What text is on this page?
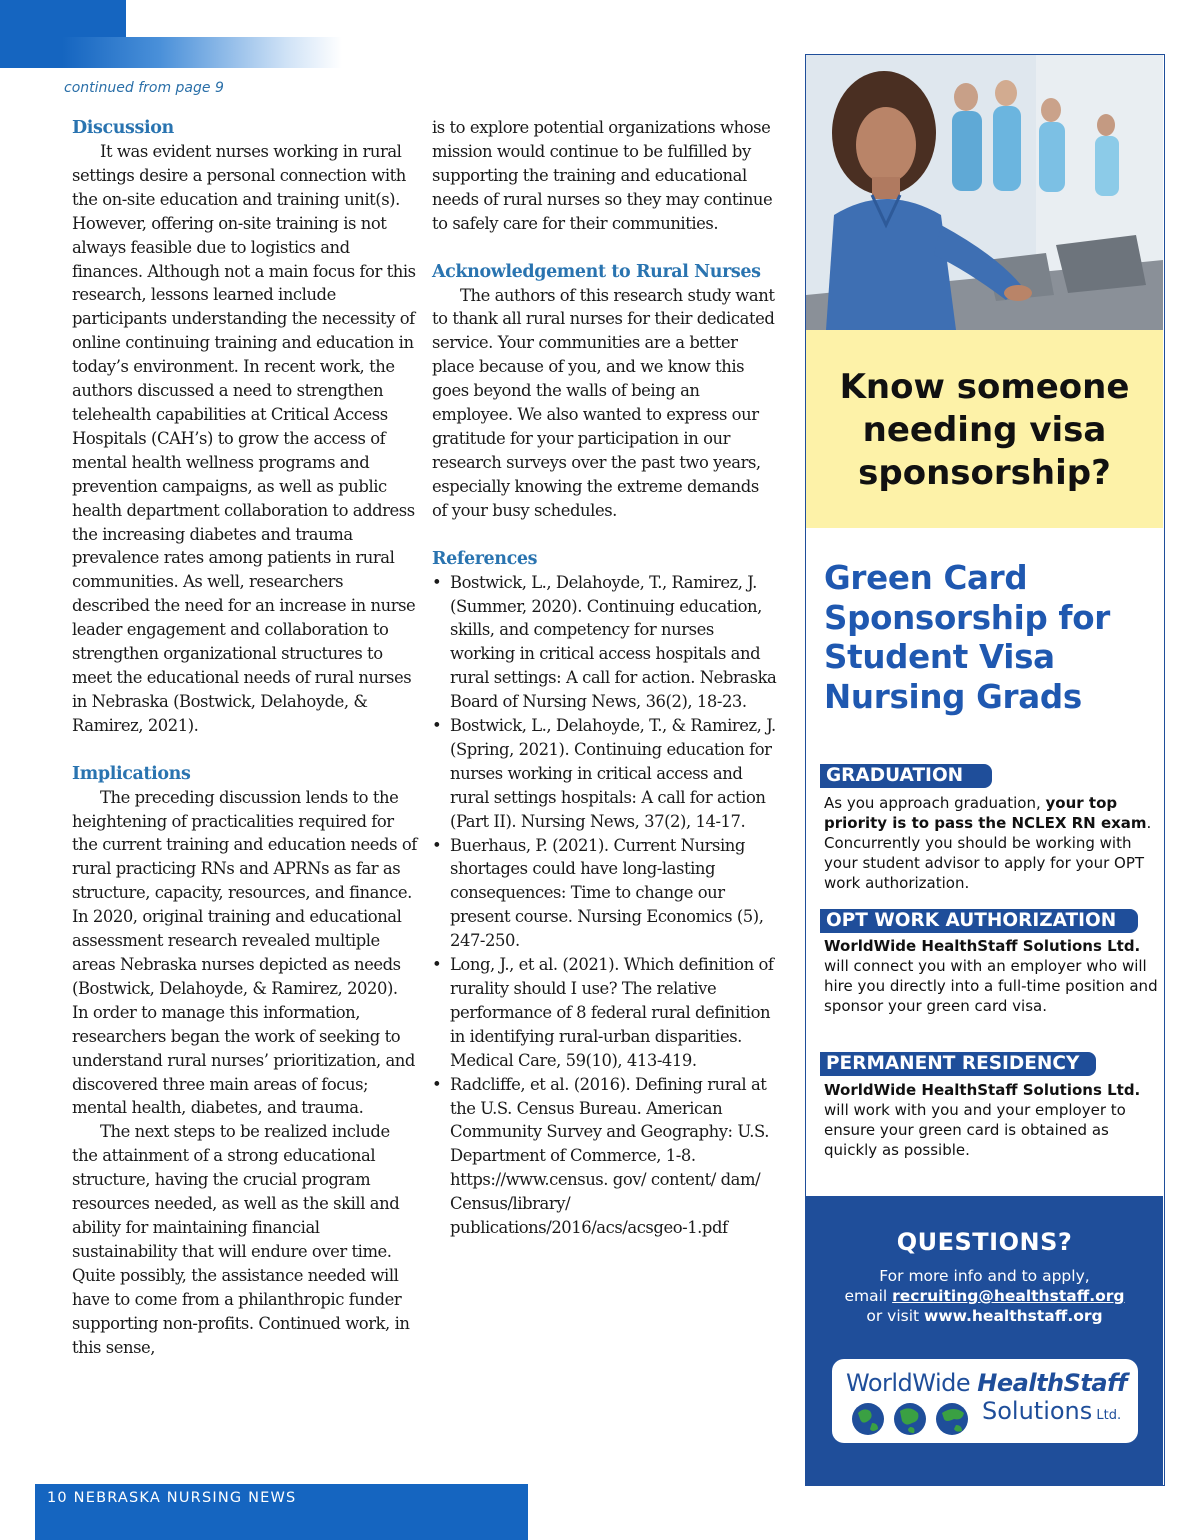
continued from page 9
Discussion

It was evident nurses working in rural settings desire a personal connection with the on-site education and training unit(s). However, offering on-site training is not always feasible due to logistics and finances. Although not a main focus for this research, lessons learned include participants understanding the necessity of online continuing training and education in today’s environment. In recent work, the authors discussed a need to strengthen telehealth capabilities at Critical Access Hospitals (CAH’s) to grow the access of mental health wellness programs and prevention campaigns, as well as public health department collaboration to address the increasing diabetes and trauma prevalence rates among patients in rural communities. As well, researchers described the need for an increase in nurse leader engagement and collaboration to strengthen organizational structures to meet the educational needs of rural nurses in Nebraska (Bostwick, Delahoyde, & Ramirez, 2021).

Implications

The preceding discussion lends to the heightening of practicalities required for the current training and education needs of rural practicing RNs and APRNs as far as structure, capacity, resources, and finance. In 2020, original training and educational assessment research revealed multiple areas Nebraska nurses depicted as needs (Bostwick, Delahoyde, & Ramirez, 2020). In order to manage this information, researchers began the work of seeking to understand rural nurses’ prioritization, and discovered three main areas of focus; mental health, diabetes, and trauma.

The next steps to be realized include the attainment of a strong educational structure, having the crucial program resources needed, as well as the skill and ability for maintaining financial sustainability that will endure over time. Quite possibly, the assistance needed will have to come from a philanthropic funder supporting non-profits. Continued work, in this sense,

is to explore potential organizations whose mission would continue to be fulfilled by supporting the training and educational needs of rural nurses so they may continue to safely care for their communities.

Acknowledgement to Rural Nurses

The authors of this research study want to thank all rural nurses for their dedicated service. Your communities are a better place because of you, and we know this goes beyond the walls of being an employee. We also wanted to express our gratitude for your participation in our research surveys over the past two years, especially knowing the extreme demands of your busy schedules.

References
• Bostwick, L., Delahoyde, T., Ramirez, J. (Summer, 2020). Continuing education, skills, and competency for nurses working in critical access hospitals and rural settings: A call for action. Nebraska Board of Nursing News, 36(2), 18-23.
• Bostwick, L., Delahoyde, T., & Ramirez, J. (Spring, 2021). Continuing education for nurses working in critical access and rural settings hospitals: A call for action (Part II). Nursing News, 37(2), 14-17.
• Buerhaus, P. (2021). Current Nursing shortages could have long-lasting consequences: Time to change our present course. Nursing Economics (5), 247-250.
• Long, J., et al. (2021). Which definition of rurality should I use? The relative performance of 8 federal rural definition in identifying rural-urban disparities. Medical Care, 59(10), 413-419.
• Radcliffe, et al. (2016). Defining rural at the U.S. Census Bureau. American Community Survey and Geography: U.S. Department of Commerce, 1-8. https://www.census. gov/ content/ dam/ Census/library/ publications/2016/acs/acsgeo-1.pdf
10 NEBRASKA NURSING NEWS
Know someone needing visa sponsorship?
Green Card Sponsorship for Student Visa Nursing Grads
GRADUATION
As you approach graduation, your top priority is to pass the NCLEX RN exam. Concurrently you should be working with your student advisor to apply for your OPT work authorization.
OPT WORK AUTHORIZATION
WorldWide HealthStaff Solutions Ltd. will connect you with an employer who will hire you directly into a full-time position and sponsor your green card visa.
PERMANENT RESIDENCY
WorldWide HealthStaff Solutions Ltd. will work with you and your employer to ensure your green card is obtained as quickly as possible.
QUESTIONS?
For more info and to apply,
email recruiting@healthstaff.org
or visit www.healthstaff.org
WorldWide HealthStaff
Solutions Ltd.
